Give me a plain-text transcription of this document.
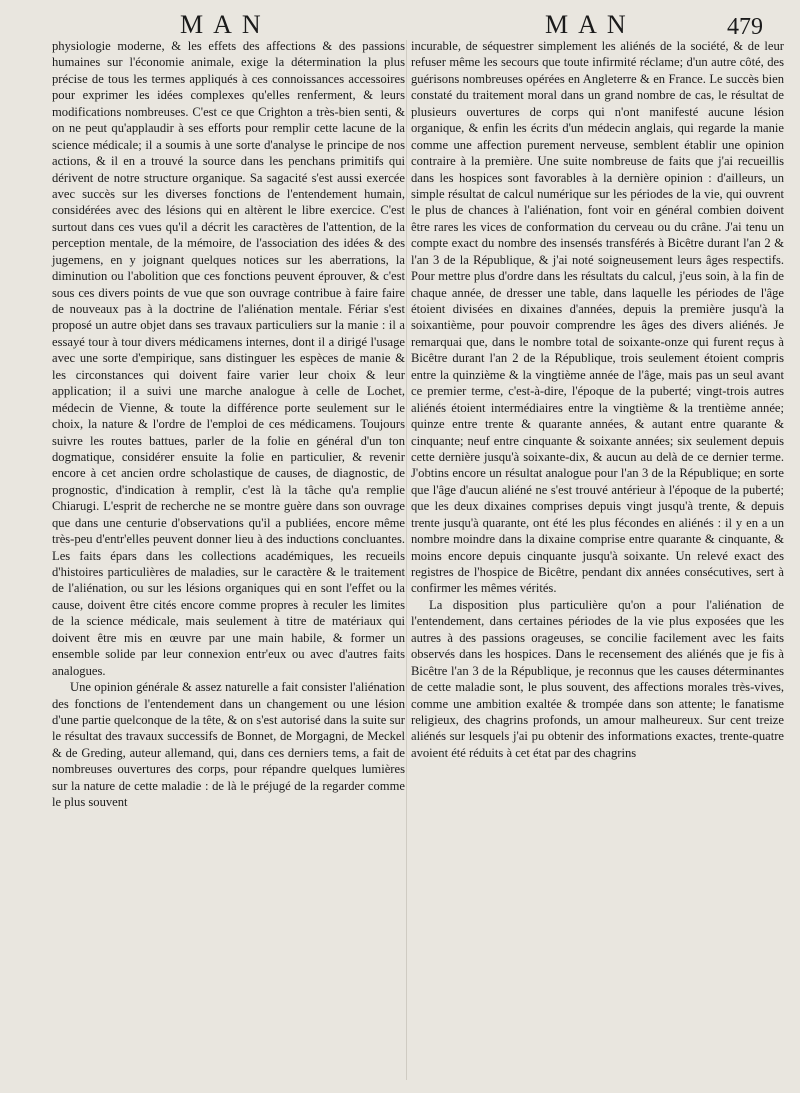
MAN	MAN	479

physiologie moderne, & les effets des affections & des passions humaines sur l'économie animale, exige la détermination la plus précise de tous les termes appliqués à ces connoissances accessoires pour exprimer les idées complexes qu'elles renferment, & leurs modifications nombreuses. C'est ce que Crighton a très-bien senti, & on ne peut qu'applaudir à ses efforts pour remplir cette lacune de la science médicale; il a soumis à une sorte d'analyse le principe de nos actions, & il en a trouvé la source dans les penchans primitifs qui dérivent de notre structure organique. Sa sagacité s'est aussi exercée avec succès sur les diverses fonctions de l'entendement humain, considérées avec des lésions qui en altèrent le libre exercice. C'est surtout dans ces vues qu'il a décrit les caractères de l'attention, de la perception mentale, de la mémoire, de l'association des idées & des jugemens, en y joignant quelques notices sur les aberrations, la diminution ou l'abolition que ces fonctions peuvent éprouver, & c'est sous ces divers points de vue que son ouvrage contribue à faire faire de nouveaux pas à la doctrine de l'aliénation mentale. Fériar s'est proposé un autre objet dans ses travaux particuliers sur la manie : il a essayé tour à tour divers médicamens internes, dont il a dirigé l'usage avec une sorte d'empirique, sans distinguer les espèces de manie & les circonstances qui doivent faire varier leur choix & leur application; il a suivi une marche analogue à celle de Lochet, médecin de Vienne, & toute la différence porte seulement sur le choix, la nature & l'ordre de l'emploi de ces médicamens. Toujours suivre les routes battues, parler de la folie en général d'un ton dogmatique, considérer ensuite la folie en particulier, & revenir encore à cet ancien ordre scholastique de causes, de diagnostic, de prognostic, d'indication à remplir, c'est là la tâche qu'a remplie Chiarugi. L'esprit de recherche ne se montre guère dans son ouvrage que dans une centurie d'observations qu'il a publiées, encore même très-peu d'entr'elles peuvent donner lieu à des inductions concluantes. Les faits épars dans les collections académiques, les recueils d'histoires particulières de maladies, sur le caractère & le traitement de l'aliénation, ou sur les lésions organiques qui en sont l'effet ou la cause, doivent être cités encore comme propres à reculer les limites de la science médicale, mais seulement à titre de matériaux qui doivent être mis en œuvre par une main habile, & former un ensemble solide par leur connexion entr'eux ou avec d'autres faits analogues.

Une opinion générale & assez naturelle a fait consister l'aliénation des fonctions de l'entendement dans un changement ou une lésion d'une partie quelconque de la tête, & on s'est autorisé dans la suite sur le résultat des travaux successifs de Bonnet, de Morgagni, de Meckel & de Greding, auteur allemand, qui, dans ces derniers tems, a fait de nombreuses ouvertures des corps, pour répandre quelques lumières sur la nature de cette maladie : de là le préjugé de la regarder comme le plus souvent

incurable, de séquestrer simplement les aliénés de la société, & de leur refuser même les secours que toute infirmité réclame; d'un autre côté, des guérisons nombreuses opérées en Angleterre & en France. Le succès bien constaté du traitement moral dans un grand nombre de cas, le résultat de plusieurs ouvertures de corps qui n'ont manifesté aucune lésion organique, & enfin les écrits d'un médecin anglais, qui regarde la manie comme une affection purement nerveuse, semblent établir une opinion contraire à la première. Une suite nombreuse de faits que j'ai recueillis dans les hospices sont favorables à la dernière opinion : d'ailleurs, un simple résultat de calcul numérique sur les périodes de la vie, qui ouvrent le plus de chances à l'aliénation, font voir en général combien doivent être rares les vices de conformation du cerveau ou du crâne. J'ai tenu un compte exact du nombre des insensés transférés à Bicêtre durant l'an 2 & l'an 3 de la République, & j'ai noté soigneusement leurs âges respectifs. Pour mettre plus d'ordre dans les résultats du calcul, j'eus soin, à la fin de chaque année, de dresser une table, dans laquelle les périodes de l'âge étoient divisées en dixaines d'années, depuis la première jusqu'à la soixantième, pour pouvoir comprendre les âges des divers aliénés. Je remarquai que, dans le nombre total de soixante-onze qui furent reçus à Bicêtre durant l'an 2 de la République, trois seulement étoient compris entre la quinzième & la vingtième année de l'âge, mais pas un seul avant ce premier terme, c'est-à-dire, l'époque de la puberté; vingt-trois autres aliénés étoient intermédiaires entre la vingtième & la trentième année; quinze entre trente & quarante années, & autant entre quarante & cinquante; neuf entre cinquante & soixante années; six seulement depuis cette dernière jusqu'à soixante-dix, & aucun au delà de ce dernier terme. J'obtins encore un résultat analogue pour l'an 3 de la République; en sorte que l'âge d'aucun aliéné ne s'est trouvé antérieur à l'époque de la puberté; que les deux dixaines comprises depuis vingt jusqu'à trente, & depuis trente jusqu'à quarante, ont été les plus fécondes en aliénés : il y en a un nombre moindre dans la dixaine comprise entre quarante & cinquante, & moins encore depuis cinquante jusqu'à soixante. Un relevé exact des registres de l'hospice de Bicêtre, pendant dix années consécutives, sert à confirmer les mêmes vérités.

La disposition plus particulière qu'on a pour l'aliénation de l'entendement, dans certaines périodes de la vie plus exposées que les autres à des passions orageuses, se concilie facilement avec les faits observés dans les hospices. Dans le recensement des aliénés que je fis à Bicêtre l'an 3 de la République, je reconnus que les causes déterminantes de cette maladie sont, le plus souvent, des affections morales très-vives, comme une ambition exaltée & trompée dans son attente; le fanatisme religieux, des chagrins profonds, un amour malheureux. Sur cent treize aliénés sur lesquels j'ai pu obtenir des informations exactes, trente-quatre avoient été réduits à cet état par des chagrins
